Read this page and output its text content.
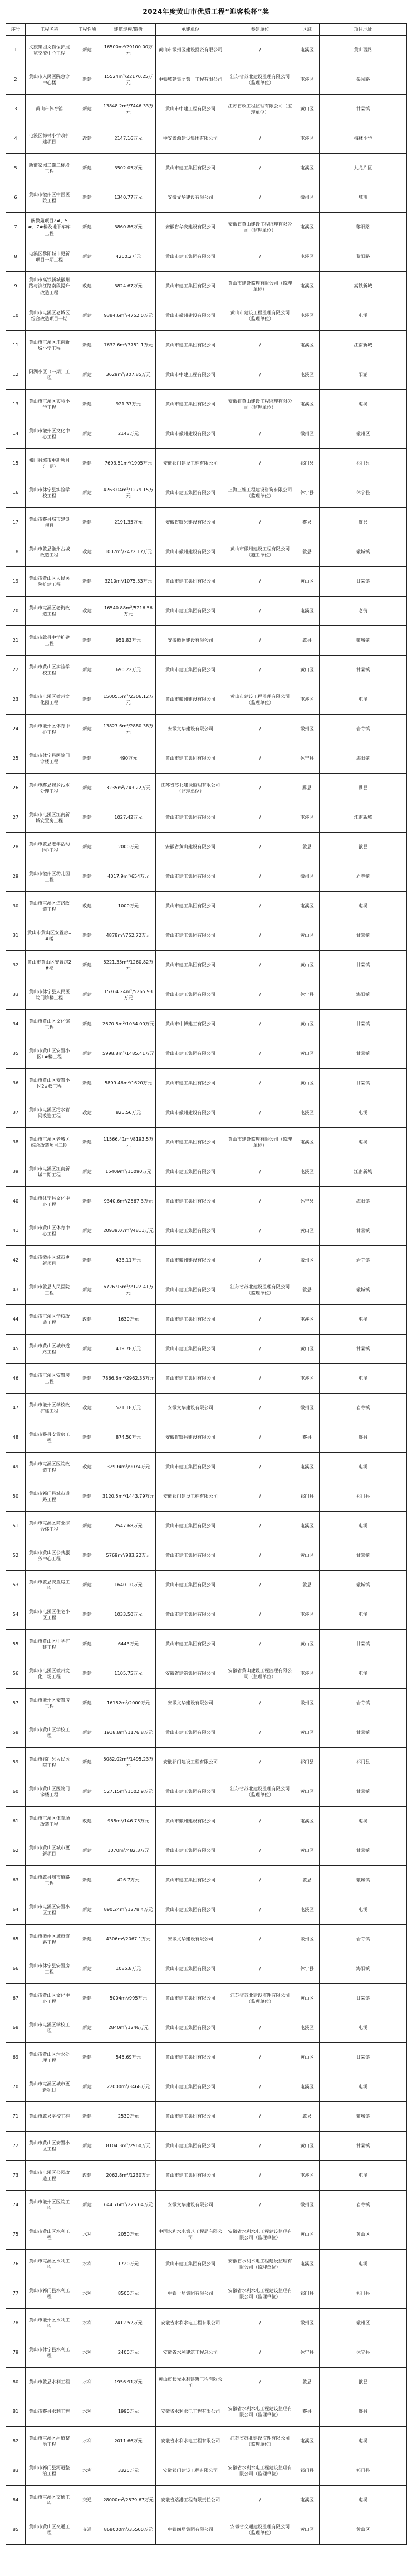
2024年度黄山市优质工程“迎客松杯”奖
序号	工程名称	工程性质	建筑规模/造价	承建单位	参建单位	区域	项目地址
1	文旅集团文物保护展览交流中心工程	新建	16500m²/29100.00万元	黄山市徽州区建设投资有限公司	/	屯溪区	黄山西路
2	黄山市人民医院急诊中心楼	新建	15524m²/22170.25万元	中铁城建集团第一工程有限公司	江苏省苏北建设监理有限公司（监理单位）	屯溪区	栗园路
3	黄山市体育馆	新建	13848.2m²/7446.33万元	黄山市中建工程有限公司	江苏省政工程监理有限公司（监理单位）	黄山区	甘棠镇
4	屯溪区梅林小学改扩建项目	改建	2147.16万元	中安鑫源建设集团有限公司	/	屯溪区	梅林小学
5	新徽家园二期二标段工程	新建	3502.05万元	黄山市建工集团有限公司	/	屯溪区	九龙片区
6	黄山市徽州区中医医院工程	新建	1340.77万元	安徽文华建设有限公司	/	徽州区	城南
7	紫微苑项目2#、5#、7#楼及地下车库工程	新建	3860.86万元	安徽省华安建设有限公司	安徽省黄山建设工程监理有限公司（监理单位）	屯溪区	黎阳路
8	屯溪区黎阳城市更新项目一期工程	新建	4260.2万元	黄山市建工集团有限公司	/	屯溪区	黎阳路
9	黄山市高铁新城徽州路与滨江路南段提升改造工程	改建	3824.67万元	黄山市建工集团有限公司	黄山市建设监理有限公司（监理单位）	屯溪区	高铁新城
10	黄山市屯溪区老城区综合改造项目一期	新建	9384.6m²/4752.0万元	黄山市徽州建设有限公司	黄山市建设工程监理有限公司（监理单位）	屯溪区	屯溪
11	黄山市屯溪区江南新城小学工程	新建	7632.6m²/3751.1万元	黄山市建工集团有限公司	/	屯溪区	江南新城
12	阳湖小区（一期）工程	新建	3629m²/807.85万元	黄山市中建工程有限公司	/	屯溪区	阳湖
13	黄山市屯溪区实验小学工程	新建	921.37万元	黄山市建工集团有限公司	安徽省黄山建设工程监理有限公司（监理单位）	屯溪区	屯溪
14	黄山市徽州区文化中心工程	新建	2143万元	黄山市徽州建设有限公司	/	徽州区	徽州区
15	祁门县城市更新项目（一期）	新建	7693.51m²/1905万元	安徽祁门建设工程有限公司	/	祁门县	祁门县
16	黄山市休宁县实验学校工程	新建	4263.04m²/1279.15万元	黄山市建工集团有限公司	上海三维工程建设咨询有限公司（监理单位）	休宁县	休宁县
17	黄山市黟县城市建设项目	新建	2191.35万元	安徽省黟县建设有限公司	/	黟县	黟县
18	黄山市歙县徽州古城改造工程	改建	1007m²/2472.17万元	黄山市徽州建设有限公司	黄山市徽州建设工程有限公司（施工单位）	歙县	徽城镇
19	黄山市黄山区人民医院扩建工程	新建	3210m²/1075.53万元	黄山市建工集团有限公司	/	黄山区	甘棠镇
20	黄山市屯溪区老街改造工程	改建	16540.88m²/5216.56万元	黄山市建工集团有限公司	/	屯溪区	老街
21	黄山市歙县中学扩建工程	新建	951.83万元	安徽徽州建设有限公司	/	歙县	徽城镇
22	黄山市黄山区实验学校工程	新建	690.22万元	黄山市建工集团有限公司	/	黄山区	甘棠镇
23	黄山市屯溪区徽州文化园工程	新建	15005.5m²/2306.12万元	黄山市徽州建设有限公司	黄山市建设工程监理有限公司（监理单位）	屯溪区	屯溪
24	黄山市徽州区体育中心工程	新建	13827.6m²/2880.38万元	安徽文华建设有限公司	/	徽州区	岩寺镇
25	黄山市休宁县医院门诊楼工程	新建	490万元	黄山市建工集团有限公司	/	休宁县	海阳镇
26	黄山市黟县城乡污水处理工程	新建	3235m²/743.22万元	江苏省苏北建设监理有限公司（监理单位）	/	黟县	黟县
27	黄山市屯溪区江南新城安置房工程	新建	1027.42万元	黄山市建工集团有限公司	/	屯溪区	江南新城
28	黄山市歙县老年活动中心工程	新建	2000万元	安徽省黄山建设有限公司	/	歙县	歙县
29	黄山市徽州区幼儿园工程	新建	4017.9m²/654万元	黄山市建工集团有限公司	/	徽州区	岩寺镇
30	黄山市屯溪区道路改造工程	改建	1000万元	黄山市建工集团有限公司	/	屯溪区	屯溪
31	黄山市黄山区安置房1#楼	新建	4878m²/752.72万元	黄山市建工集团有限公司	/	黄山区	甘棠镇
32	黄山市黄山区安置房2#楼	新建	5221.35m²/1260.82万元	黄山市建工集团有限公司	/	黄山区	甘棠镇
33	黄山市休宁县人民医院门诊楼工程	新建	15764.24m²/5265.93万元	黄山市建工集团有限公司	/	休宁县	海阳镇
34	黄山市黄山区文化馆工程	新建	2670.8m²/1034.00万元	黄山市中博建工有限公司	/	黄山区	甘棠镇
35	黄山市黄山区安置小区1#楼工程	新建	5998.8m²/1485.41万元	黄山市建工集团有限公司	/	黄山区	甘棠镇
36	黄山市黄山区安置小区2#楼工程	新建	5899.46m²/1620万元	黄山市建工集团有限公司	/	黄山区	甘棠镇
37	黄山市屯溪区污水管网改造工程	改建	825.56万元	黄山市徽州建设有限公司	/	屯溪区	屯溪
38	黄山市屯溪区老城区综合改造项目二期	新建	11566.41m²/8193.5万元	黄山市建工集团有限公司	黄山市建设监理有限公司（监理单位）	屯溪区	屯溪
39	黄山市屯溪区江南新城二期工程	新建	15409m²/10090万元	黄山市建工集团有限公司	/	屯溪区	江南新城
40	黄山市休宁县文化中心工程	新建	9340.6m²/2567.3万元	黄山市建工集团有限公司	/	休宁县	海阳镇
41	黄山市黄山区体育中心工程	新建	20939.07m²/4811万元	黄山市建工集团有限公司	/	黄山区	甘棠镇
42	黄山市徽州区城市更新项目	新建	433.11万元	黄山市徽州建设有限公司	/	徽州区	岩寺镇
43	黄山市歙县人民医院工程	新建	6726.95m²/2122.41万元	黄山市建工集团有限公司	江苏省苏北建设监理有限公司（监理单位）	歙县	徽城镇
44	黄山市屯溪区学校改造工程	改建	1630万元	黄山市建工集团有限公司	/	屯溪区	屯溪
45	黄山市黄山区城市道路工程	新建	419.78万元	黄山市建工集团有限公司	/	黄山区	甘棠镇
46	黄山市屯溪区安置房工程	新建	7866.6m²/2962.35万元	黄山市建工集团有限公司	/	屯溪区	屯溪
47	黄山市徽州区学校改扩建工程	改建	521.18万元	安徽文华建设有限公司	/	徽州区	岩寺镇
48	黄山市黟县安置房工程	新建	874.50万元	安徽省黟县建设有限公司	/	黟县	黟县
49	黄山市屯溪区医院改造工程	改建	32994m²/9074万元	黄山市建工集团有限公司	/	屯溪区	屯溪
50	黄山市祁门县城市道路工程	新建	3120.5m²/1443.79万元	安徽祁门建设工程有限公司	/	祁门县	祁门县
51	黄山市屯溪区商业综合体工程	新建	2547.68万元	黄山市建工集团有限公司	/	屯溪区	屯溪
52	黄山市黄山区公共服务中心工程	新建	5769m²/983.22万元	黄山市建工集团有限公司	/	黄山区	甘棠镇
53	黄山市歙县安置房工程	新建	1640.10万元	黄山市建工集团有限公司	/	歙县	徽城镇
54	黄山市屯溪区住宅小区工程	新建	1033.50万元	黄山市建工集团有限公司	/	屯溪区	屯溪
55	黄山市黄山区中学扩建工程	新建	6443万元	黄山市建工集团有限公司	/	黄山区	甘棠镇
56	黄山市屯溪区徽州文化广场工程	新建	1105.75万元	安徽省建筑集团有限公司	安徽省黄山建设工程监理有限公司（监理单位）	屯溪区	屯溪
57	黄山市徽州区安置房工程	新建	16182m²/2000万元	安徽文华建设有限公司	/	徽州区	岩寺镇
58	黄山市黄山区学校工程	新建	1918.8m²/1176.8万元	黄山市建工集团有限公司	/	黄山区	甘棠镇
59	黄山市祁门县人民医院工程	新建	5082.02m²/1495.23万元	安徽祁门建设工程有限公司	/	祁门县	祁门县
60	黄山市黄山区医院门诊楼工程	新建	527.15m²/1002.9万元	黄山市建工集团有限公司	江苏省苏北建设监理有限公司（监理单位）	黄山区	甘棠镇
61	黄山市屯溪区体育场改造工程	改建	968m²/146.75万元	黄山市徽州建设有限公司	/	屯溪区	屯溪
62	黄山市黄山区城市更新项目	新建	1070m²/482.3万元	黄山市建工集团有限公司	/	黄山区	甘棠镇
63	黄山市歙县城市道路工程	新建	426.7万元	黄山市建工集团有限公司	/	歙县	徽城镇
64	黄山市屯溪区安置小区工程	新建	890.24m²/1278.4万元	黄山市建工集团有限公司	/	屯溪区	屯溪
65	黄山市徽州区城市道路工程	新建	4306m²/2067.1万元	安徽文华建设有限公司	/	徽州区	岩寺镇
66	黄山市休宁县安置房工程	新建	1085.8万元	黄山市建工集团有限公司	/	休宁县	海阳镇
67	黄山市黄山区文化中心工程	新建	5004m²/995万元	黄山市建工集团有限公司	江苏省苏北建设监理有限公司（监理单位）	黄山区	甘棠镇
68	黄山市屯溪区学校工程	新建	2840m²/1246万元	黄山市建工集团有限公司	/	屯溪区	屯溪
69	黄山市黄山区污水处理工程	新建	545.69万元	黄山市建工集团有限公司	/	黄山区	甘棠镇
70	黄山市屯溪区城市更新项目	新建	22000m²/3468万元	黄山市建工集团有限公司	/	屯溪区	屯溪
71	黄山市歙县学校工程	新建	2530万元	黄山市建工集团有限公司	/	歙县	徽城镇
72	黄山市黄山区安置小区工程	新建	8104.3m²/2960万元	黄山市建工集团有限公司	/	黄山区	甘棠镇
73	黄山市屯溪区公园改造工程	改建	2062.8m²/1230万元	黄山市建工集团有限公司	/	屯溪区	屯溪
74	黄山市徽州区医院工程	新建	644.76m²/225.64万元	安徽文华建设有限公司	/	徽州区	岩寺镇
75	黄山市黄山区水利工程	水利	2050万元	中国水利水电第八工程局有限公司	安徽省水利水电工程建设监理有限公司（监理单位）	黄山区	黄山区
76	黄山市屯溪区水利工程	水利	1720万元	黄山市建工集团有限公司	安徽省水利水电工程建设监理有限公司（监理单位）	屯溪区	屯溪
77	黄山市祁门县水利工程	水利	8500万元	中铁十局集团有限公司	安徽省水利水电工程建设监理有限公司（监理单位）	祁门县	祁门县
78	黄山市徽州区水利工程	水利	2412.52万元	安徽省水利水电工程有限公司	/	徽州区	徽州区
79	黄山市休宁县水利工程	水利	2400万元	安徽省水利建筑工程总公司	/	休宁县	休宁县
80	黄山市歙县水利工程	水利	1956.91万元	黄山市长光水利建筑工程有限公司	/	歙县	歙县
81	黄山市黟县水利工程	水利	1990万元	安徽省水利水电工程有限公司	安徽省水利水电工程建设监理有限公司（监理单位）	黟县	黟县
82	黄山市屯溪区河道整治工程	水利	2011.66万元	安徽省水利水电工程有限公司	江苏省苏北建设监理有限公司（监理单位）	屯溪区	屯溪
83	黄山市祁门县河道整治工程	水利	3325万元	安徽祁门建设工程有限公司	安徽省水利水电工程建设监理有限公司（监理单位）	祁门县	祁门县
84	黄山市屯溪区交通工程	交通	28000m²/2579.67万元	安徽省路港工程有限责任公司	/	屯溪区	屯溪
85	黄山市黄山区交通工程	交通	868000m²/35500万元	中铁四局集团有限公司	安徽省交通建设监理有限公司（监理单位）	黄山区	黄山区
